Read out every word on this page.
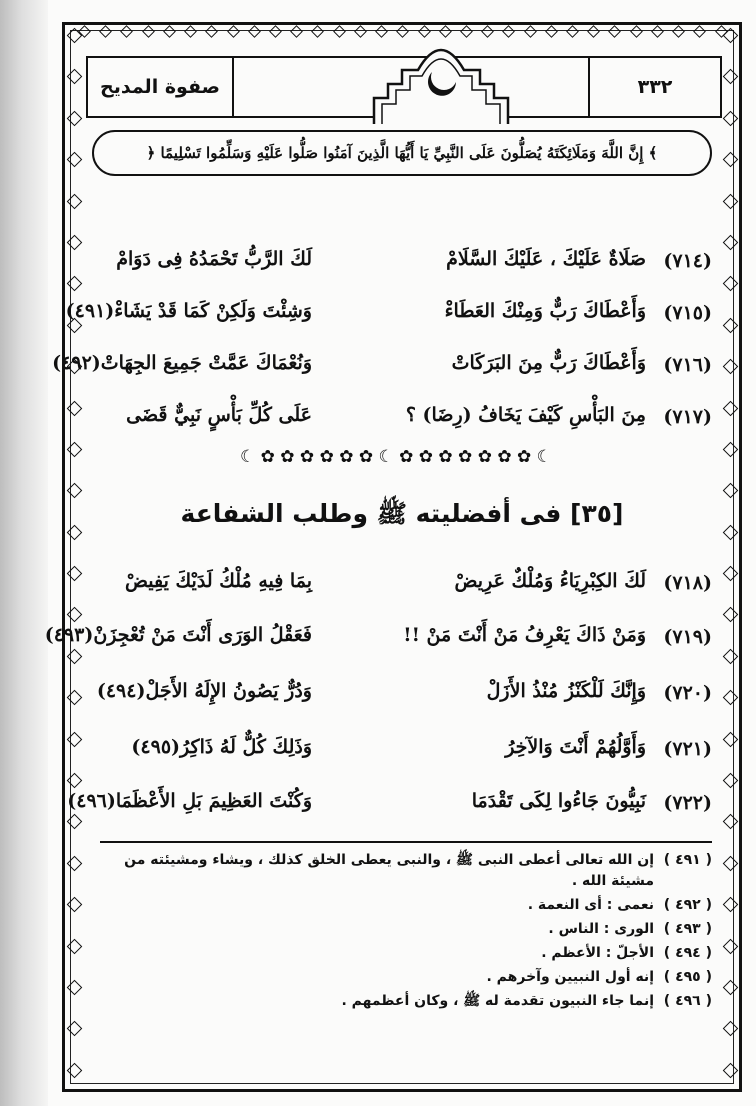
صفوة المديح	٣٣٢
﴿ إِنَّ اللَّهَ وَمَلَائِكَتَهُ يُصَلُّونَ عَلَى النَّبِيِّ يَا أَيُّهَا الَّذِينَ آمَنُوا صَلُّوا عَلَيْهِ وَسَلِّمُوا تَسْلِيمًا ﴾
(٧١٤)
صَلَاةٌ عَلَيْكَ ، عَلَيْكَ السَّلَامْ
لَكَ الرَّبُّ تَحْمَدُهُ فِى دَوَامْ
(٧١٥)
وَأَعْطَاكَ رَبٌّ وَمِنْكَ العَطَاءْ
وَشِئْتَ وَلَكِنْ كَمَا قَدْ يَشَاءْ(٤٩١)
(٧١٦)
وَأَعْطَاكَ رَبٌّ مِنَ البَرَكَاتْ
وَنُعْمَاكَ عَمَّتْ جَمِيعَ الجِهَاتْ(٤٩٢)
(٧١٧)
مِنَ البَأْسِ كَيْفَ يَخَافُ (رِضَا) ؟
عَلَى كُلِّ بَأْسٍ نَبِيٌّ قَضَى
☾ ✿ ✿ ✿ ✿ ✿ ✿ ☾ ✿ ✿ ✿ ✿ ✿ ✿ ✿ ☾
[٣٥] فى أفضليته ﷺ وطلب الشفاعة
(٧١٨)
لَكَ الكِبْرِيَاءُ وَمُلْكٌ عَرِيضْ
بِمَا فِيهِ مُلْكُ لَدَيْكَ يَفِيضْ
(٧١٩)
وَمَنْ ذَاكَ يَعْرِفُ مَنْ أَنْتَ مَنْ !!
فَعَقْلُ الوَرَى أَنْتَ مَنْ تُعْجِزَنْ(٤٩٣)
(٧٢٠)
وَإِنَّكَ لَلْكَنْزُ مُنْذُ الأَزَلْ
وَدُرٌّ يَصُونُ الإِلَهُ الأَجَلْ(٤٩٤)
(٧٢١)
وَأَوَّلُهُمْ أَنْتَ وَالآخِرُ
وَذَلِكَ كُلٌّ لَهُ ذَاكِرُ(٤٩٥)
(٧٢٢)
نَبِيُّونَ جَاءُوا لِكَى تَقْدَمَا
وَكُنْتَ العَظِيمَ بَلِ الأَعْظَمَا(٤٩٦)
( ٤٩١ )
إن الله تعالى أعطى النبى ﷺ ، والنبى يعطى الخلق كذلك ، ويشاء ومشيئته من مشيئة الله .
( ٤٩٢ )
نعمى : أى النعمة .
( ٤٩٣ )
الورى : الناس .
( ٤٩٤ )
الأجلّ : الأعظم .
( ٤٩٥ )
إنه أول النبيين وآخرهم .
( ٤٩٦ )
إنما جاء النبيون تقدمة له ﷺ ، وكان أعظمهم .
